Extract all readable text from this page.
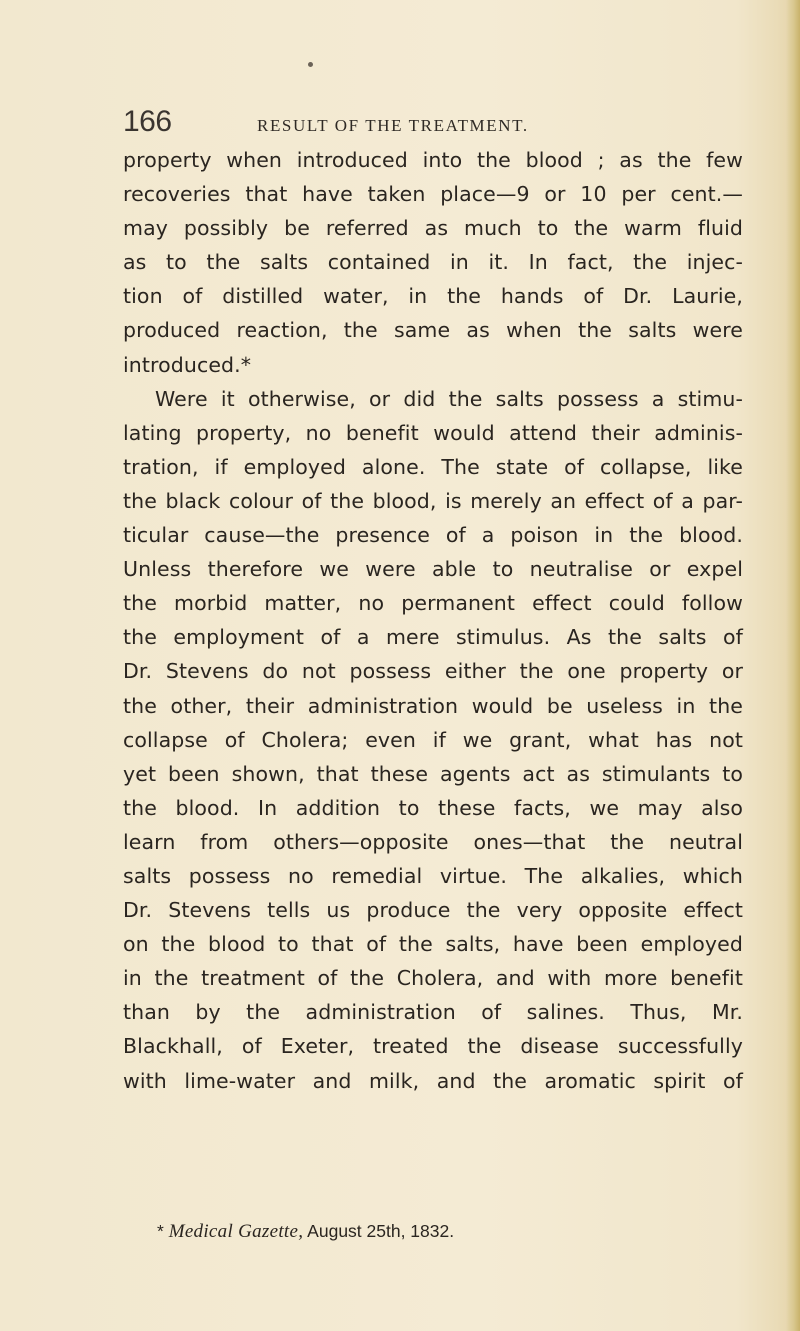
166	RESULT OF THE TREATMENT.
property when introduced into the blood ; as the few
recoveries that have taken place—9 or 10 per cent.—
may possibly be referred as much to the warm fluid
as to the salts contained in it. In fact, the injec-
tion of distilled water, in the hands of Dr. Laurie,
produced reaction, the same as when the salts were
introduced.*
Were it otherwise, or did the salts possess a stimu-
lating property, no benefit would attend their adminis-
tration, if employed alone. The state of collapse, like
the black colour of the blood, is merely an effect of a par-
ticular cause—the presence of a poison in the blood.
Unless therefore we were able to neutralise or expel
the morbid matter, no permanent effect could follow
the employment of a mere stimulus. As the salts of
Dr. Stevens do not possess either the one property or
the other, their administration would be useless in the
collapse of Cholera; even if we grant, what has not
yet been shown, that these agents act as stimulants to
the blood. In addition to these facts, we may also
learn from others—opposite ones—that the neutral
salts possess no remedial virtue. The alkalies, which
Dr. Stevens tells us produce the very opposite effect
on the blood to that of the salts, have been employed
in the treatment of the Cholera, and with more benefit
than by the administration of salines. Thus, Mr.
Blackhall, of Exeter, treated the disease successfully
with lime-water and milk, and the aromatic spirit of
* Medical Gazette, August 25th, 1832.
